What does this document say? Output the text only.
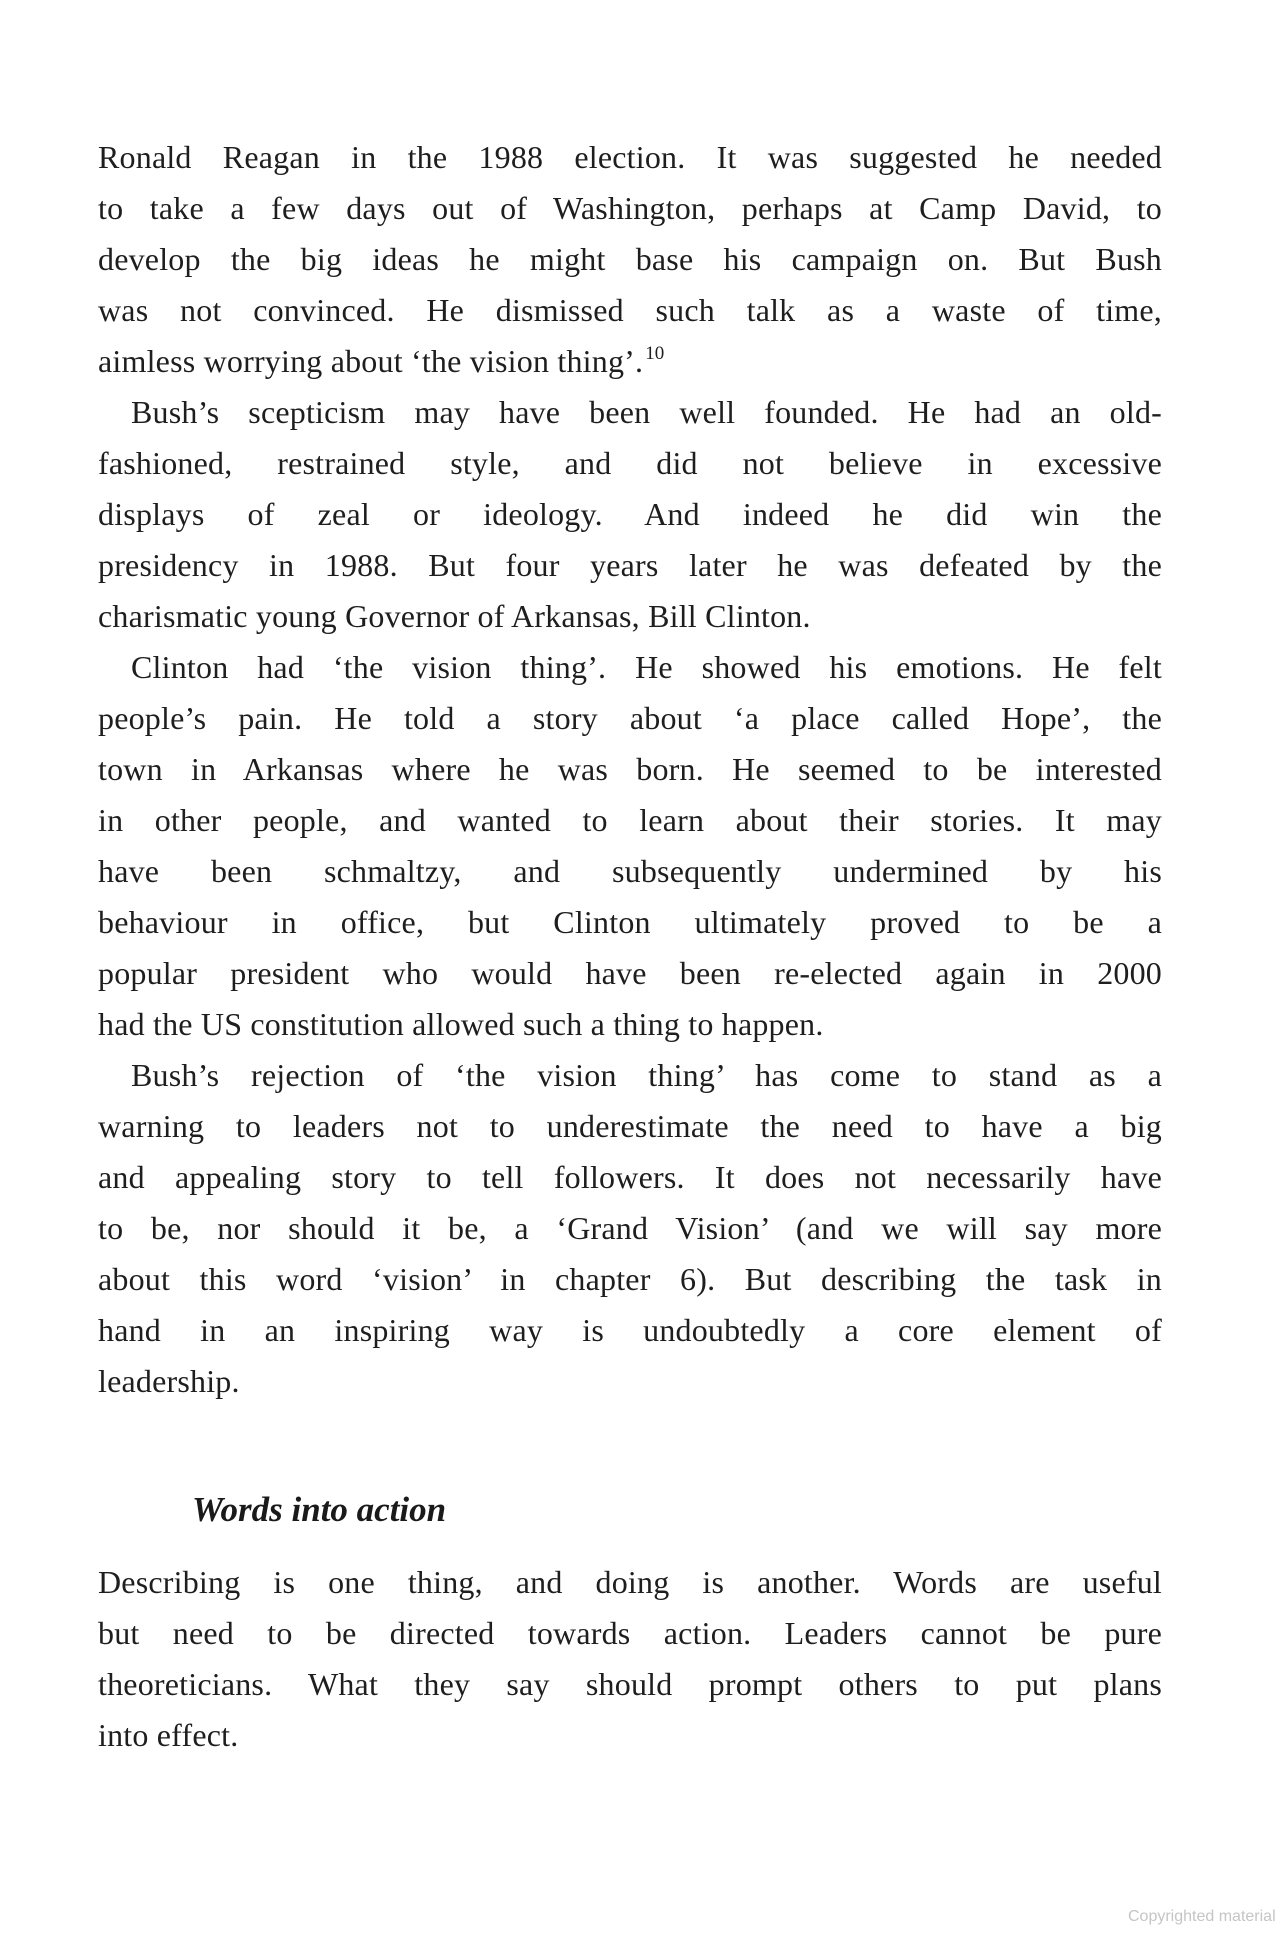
Ronald Reagan in the 1988 election. It was suggested he needed
to take a few days out of Washington, perhaps at Camp David, to
develop the big ideas he might base his campaign on. But Bush
was not convinced. He dismissed such talk as a waste of time,
aimless worrying about ‘the vision thing’. $^{10}$
Bush’s scepticism may have been well founded. He had an old-
fashioned, restrained style, and did not believe in excessive
displays of zeal or ideology. And indeed he did win the
presidency in 1988. But four years later he was defeated by the
charismatic young Governor of Arkansas, Bill Clinton.
Clinton had ‘the vision thing’. He showed his emotions. He felt
people’s pain. He told a story about ‘a place called Hope’, the
town in Arkansas where he was born. He seemed to be interested
in other people, and wanted to learn about their stories. It may
have been schmaltzy, and subsequently undermined by his
behaviour in office, but Clinton ultimately proved to be a
popular president who would have been re-elected again in 2000
had the US constitution allowed such a thing to happen.
Bush’s rejection of ‘the vision thing’ has come to stand as a
warning to leaders not to underestimate the need to have a big
and appealing story to tell followers. It does not necessarily have
to be, nor should it be, a ‘Grand Vision’ (and we will say more
about this word ‘vision’ in chapter 6). But describing the task in
hand in an inspiring way is undoubtedly a core element of
leadership.
Words into action
Describing is one thing, and doing is another. Words are useful
but need to be directed towards action. Leaders cannot be pure
theoreticians. What they say should prompt others to put plans
into effect.
Copyrighted material
